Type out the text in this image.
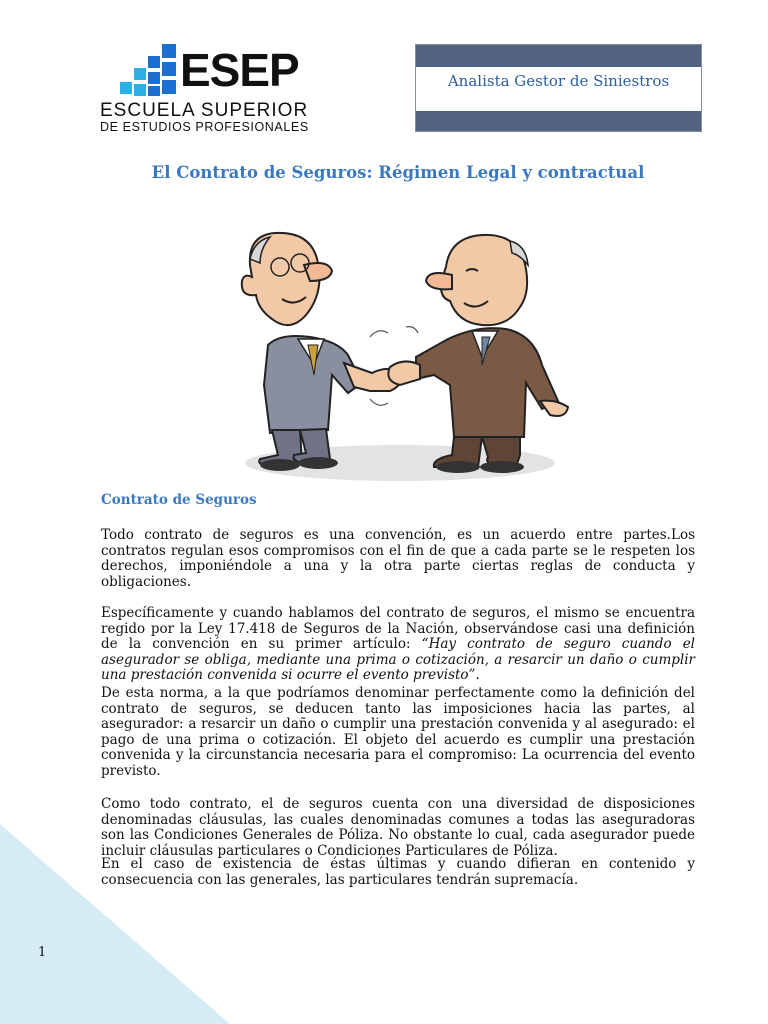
ESEP
ESCUELA SUPERIOR
DE ESTUDIOS PROFESIONALES
Analista Gestor de Siniestros
El Contrato de Seguros: Régimen Legal y contractual
Contrato de Seguros

Todo contrato de seguros es una convención, es un acuerdo entre partes.Los contratos regulan esos compromisos con el fin de que a cada parte se le respeten los derechos, imponiéndole a una y la otra parte ciertas reglas de conducta y obligaciones.

Específicamente y cuando hablamos del contrato de seguros, el mismo se encuentra regido por la Ley 17.418 de Seguros de la Nación, observándose casi una definición de la convención en su primer artículo: “Hay contrato de seguro cuando el asegurador se obliga, mediante una prima o cotización, a resarcir un daño o cumplir una prestación convenida si ocurre el evento previsto”.

De esta norma, a la que podríamos denominar perfectamente como la definición del contrato de seguros, se deducen tanto las imposiciones hacia las partes, al asegurador: a resarcir un daño o cumplir una prestación convenida y al asegurado: el pago de una prima o cotización. El objeto del acuerdo es cumplir una prestación convenida y la circunstancia necesaria para el compromiso: La ocurrencia del evento previsto.

Como todo contrato, el de seguros cuenta con una diversidad de disposiciones denominadas cláusulas, las cuales denominadas comunes a todas las aseguradoras son las Condiciones Generales de Póliza. No obstante lo cual, cada asegurador puede incluir cláusulas particulares o Condiciones Particulares de Póliza.

En el caso de existencia de éstas últimas y cuando difieran en contenido y consecuencia con las generales, las particulares tendrán supremacía.

1
